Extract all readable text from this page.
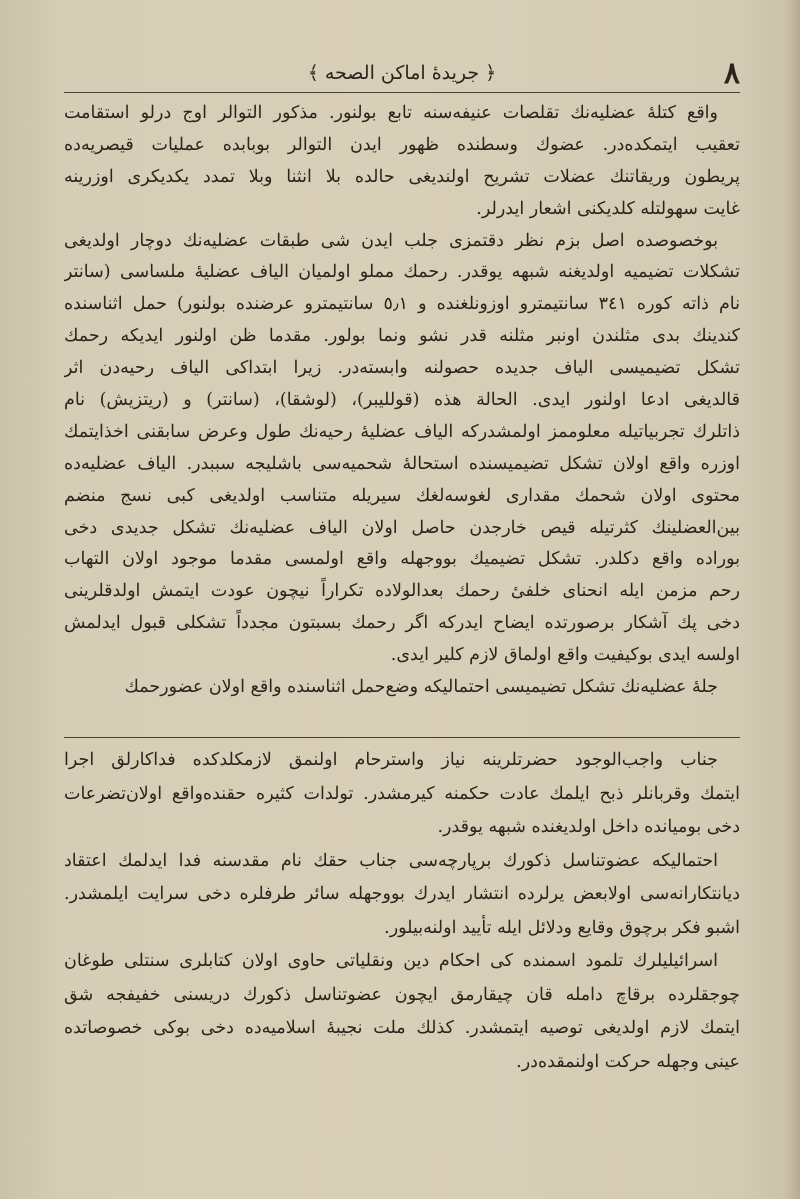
٨
﴿ جريدهٔ اماكن الصحه ﴾
واقع كتلهٔ عضليه‌نك تقلصات عنيفه‌سنه تابع بولنور. مذكور التوالر اوج درلو استقامت
تعقيب ايتمكده‌در. عضوك وسطنده ظهور ايدن التوالر بوبابده عمليات قيصريه‌ده
پريطون وريقاتنك عضلات تشريح اولنديغى حالده بلا انثنا وبلا تمدد يكديكرى اوزرينه
غايت سهولتله كلديكنى اشعار ايدرلر.
بوخصوصده اصل بزم نظر دقتمزى جلب ايدن شى طبقات عضليه‌نك دوچار اولديغى
تشكلات تضيميه اولديغنه شبهه يوقدر. رحمك مملو اولميان الياف عضليهٔ ملساسى (سانتر
نام ذاته كوره ٣٤١ سانتيمترو اوزونلغنده و ٥٫١ سانتيمترو عرضنده بولنور) حمل اثناسنده
كندينك بدى مثلندن اونبر مثلنه قدر نشو ونما بولور. مقدما ظن اولنور ايديكه رحمك
تشكل تضيميسى الياف جديده حصولنه وابسته‌در. زيرا ابتداكى الياف رحيه‌دن اثر
قالديغى ادعا اولنور ايدى. الحالة هذه (قولليبر)، (لوشقا)، (سانتر) و (ريتزيش) نام
ذاتلرك تجربياتيله معلوممز اولمشدركه الياف عضليهٔ رحيه‌نك طول وعرض سابقنى اخذايتمك
اوزره واقع اولان تشكل تضيميسنده استحالهٔ شحميه‌سى باشليجه سببدر. الياف عضليه‌ده
محتوى اولان شحمك مقدارى لغوسه‌لغك سيريله متناسب اولديغى كبى نسج منضم
بين‌العضلينك كثرتيله قيص خارجدن حاصل اولان الياف عضليه‌نك تشكل جديدى دخى
بوراده واقع دكلدر. تشكل تضيميك بووجهله واقع اولمسى مقدما موجود اولان التهاب
رحم مزمن ايله انحناى خلفىٔ رحمك بعدالولاده تكراراً نيچون عودت ايتمش اولدقلرينى
دخى پك آشكار برصورتده ايضاح ايدركه اگر رحمك بسبتون مجدداً تشكلى قبول ايدلمش
اولسه ايدى بوكيفيت واقع اولماق لازم كلير ايدى.
جلهٔ عضليه‌نك تشكل تضيميسى احتماليكه وضع‌حمل اثناسنده واقع اولان عضورحمك
جناب واجب‌الوجود حضرتلرينه نياز واسترحام اولنمق لازمكلدكده فداكارلق اجرا
ايتمك وقربانلر ذبح ايلمك عادت حكمنه كيرمشدر. تولدات كثيره حقنده‌واقع اولان‌تضرعات
دخى بوميانده داخل اولديغنده شبهه يوقدر.
احتماليكه عضوتناسل ذكورك برپارچه‌سى جناب حقك نام مقدسنه فدا ايدلمك اعتقاد
ديانتكارانه‌سى اولابعض يرلرده انتشار ايدرك بووجهله سائر طرفلره دخى سرايت ايلمشدر.
اشبو فكر برچوق وقايع ودلائل ايله تأييد اولنه‌بيلور.
اسرائيليلرك تلمود اسمنده كى احكام دين ونقلياتى حاوى اولان كتابلرى سنتلى طوغان
چوجقلرده برقاچ دامله قان چيقارمق ايچون عضوتناسل ذكورك دريسنى خفيفجه شق
ايتمك لازم اولديغى توصيه ايتمشدر. كذلك ملت نجيبهٔ اسلاميه‌ده دخى بوكى خصوصاتده
عينى وجهله حركت اولنمقده‌در.
